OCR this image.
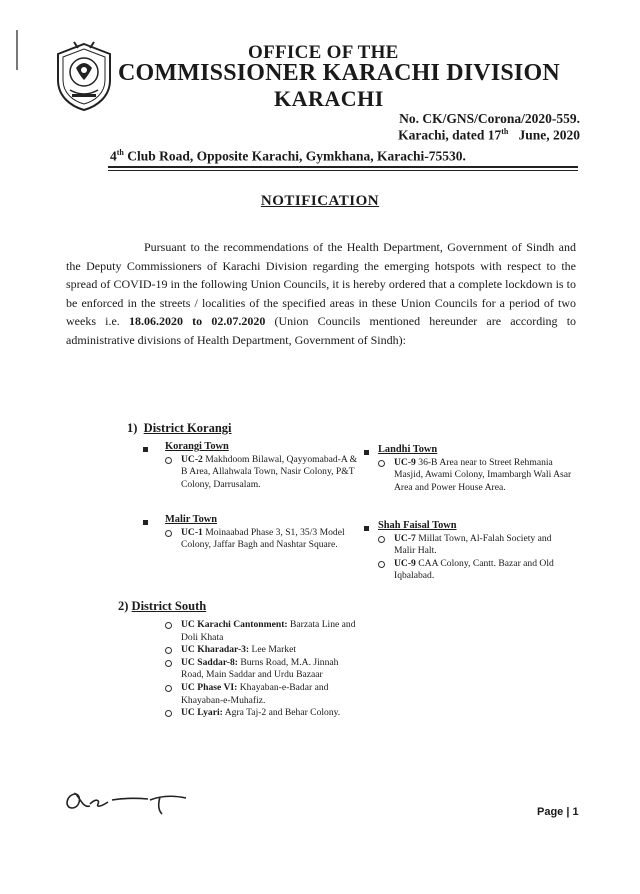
OFFICE OF THE
COMMISSIONER KARACHI DIVISION
KARACHI
No. CK/GNS/Corona/2020-559.
Karachi, dated 17th June, 2020
4th Club Road, Opposite Karachi, Gymkhana, Karachi-75530.
NOTIFICATION
Pursuant to the recommendations of the Health Department, Government of Sindh and the Deputy Commissioners of Karachi Division regarding the emerging hotspots with respect to the spread of COVID-19 in the following Union Councils, it is hereby ordered that a complete lockdown is to be enforced in the streets / localities of the specified areas in these Union Councils for a period of two weeks i.e. 18.06.2020 to 02.07.2020 (Union Councils mentioned hereunder are according to administrative divisions of Health Department, Government of Sindh):
1) District Korangi
Korangi Town
UC-2 Makhdoom Bilawal, Qayyomabad-A & B Area, Allahwala Town, Nasir Colony, P&T Colony, Darrusalam.
Malir Town
UC-1 Moinaabad Phase 3, S1, 35/3 Model Colony, Jaffar Bagh and Nashtar Square.
Landhi Town
UC-9 36-B Area near to Street Rehmania Masjid, Awami Colony, Imambargh Wali Asar Area and Power House Area.
Shah Faisal Town
UC-7 Millat Town, Al-Falah Society and Malir Halt.
UC-9 CAA Colony, Cantt. Bazar and Old Iqbalabad.
2) District South
UC Karachi Cantonment: Barzata Line and Doli Khata
UC Kharadar-3: Lee Market
UC Saddar-8: Burns Road, M.A. Jinnah Road, Main Saddar and Urdu Bazaar
UC Phase VI: Khayaban-e-Badar and Khayaban-e-Muhafiz.
UC Lyari: Agra Taj-2 and Behar Colony.
Page | 1
